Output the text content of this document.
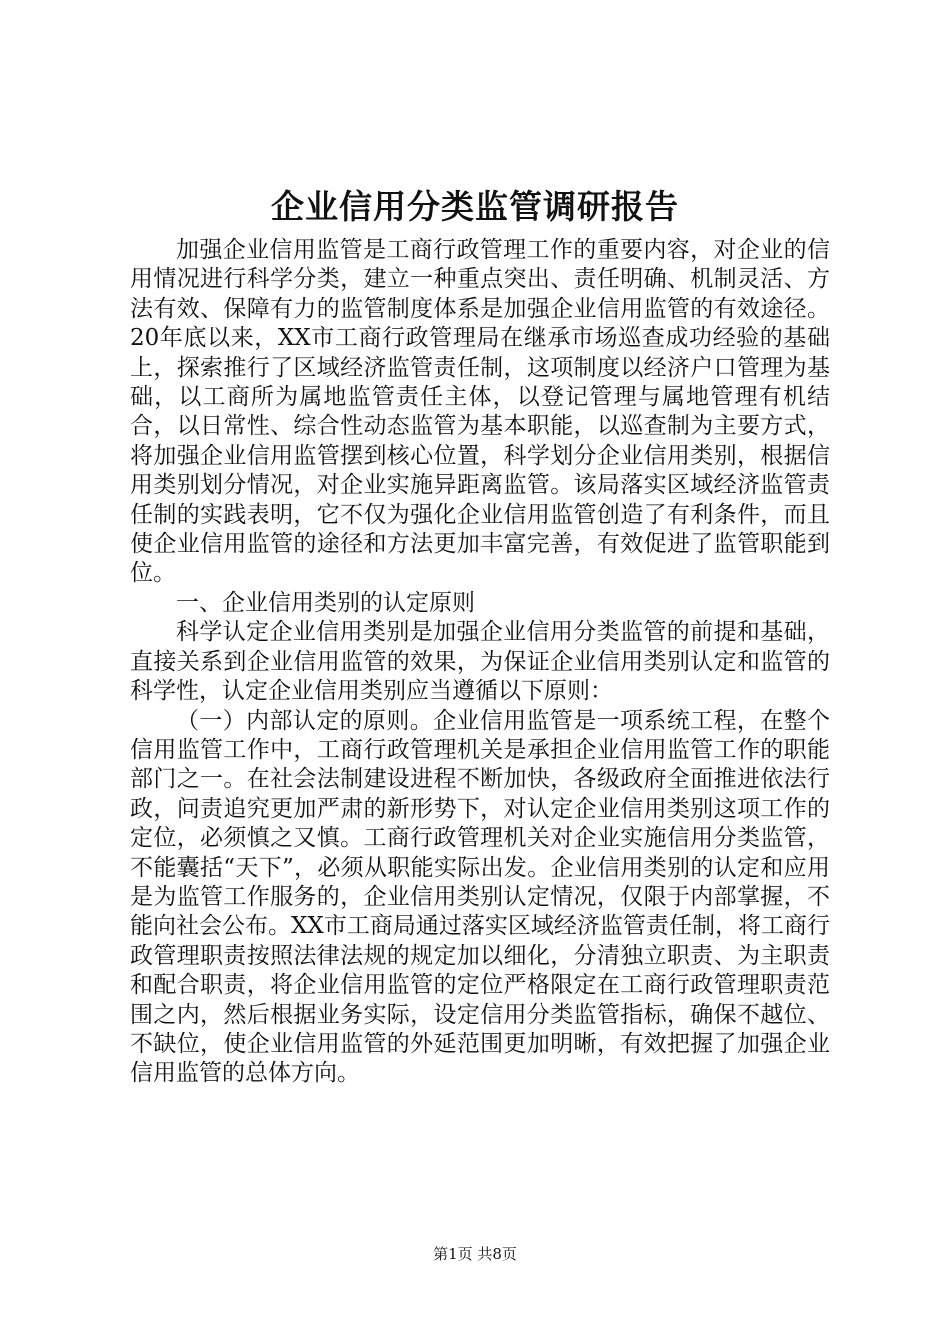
企业信用分类监管调研报告

加强企业信用监管是工商行政管理工作的重要内容，对企业的信用情况进行科学分类，建立一种重点突出、责任明确、机制灵活、方法有效、保障有力的监管制度体系是加强企业信用监管的有效途径。20年底以来，XX市工商行政管理局在继承市场巡查成功经验的基础上，探索推行了区域经济监管责任制，这项制度以经济户口管理为基础，以工商所为属地监管责任主体，以登记管理与属地管理有机结合，以日常性、综合性动态监管为基本职能，以巡查制为主要方式，将加强企业信用监管摆到核心位置，科学划分企业信用类别，根据信用类别划分情况，对企业实施异距离监管。该局落实区域经济监管责任制的实践表明，它不仅为强化企业信用监管创造了有利条件，而且使企业信用监管的途径和方法更加丰富完善，有效促进了监管职能到位。

一、企业信用类别的认定原则

科学认定企业信用类别是加强企业信用分类监管的前提和基础，直接关系到企业信用监管的效果，为保证企业信用类别认定和监管的科学性，认定企业信用类别应当遵循以下原则：

（一）内部认定的原则。企业信用监管是一项系统工程，在整个信用监管工作中，工商行政管理机关是承担企业信用监管工作的职能部门之一。在社会法制建设进程不断加快，各级政府全面推进依法行政，问责追究更加严肃的新形势下，对认定企业信用类别这项工作的定位，必须慎之又慎。工商行政管理机关对企业实施信用分类监管，不能囊括“天下”，必须从职能实际出发。企业信用类别的认定和应用是为监管工作服务的，企业信用类别认定情况，仅限于内部掌握，不能向社会公布。XX市工商局通过落实区域经济监管责任制，将工商行政管理职责按照法律法规的规定加以细化，分清独立职责、为主职责和配合职责，将企业信用监管的定位严格限定在工商行政管理职责范围之内，然后根据业务实际，设定信用分类监管指标，确保不越位、不缺位，使企业信用监管的外延范围更加明晰，有效把握了加强企业信用监管的总体方向。

第1页 共8页
